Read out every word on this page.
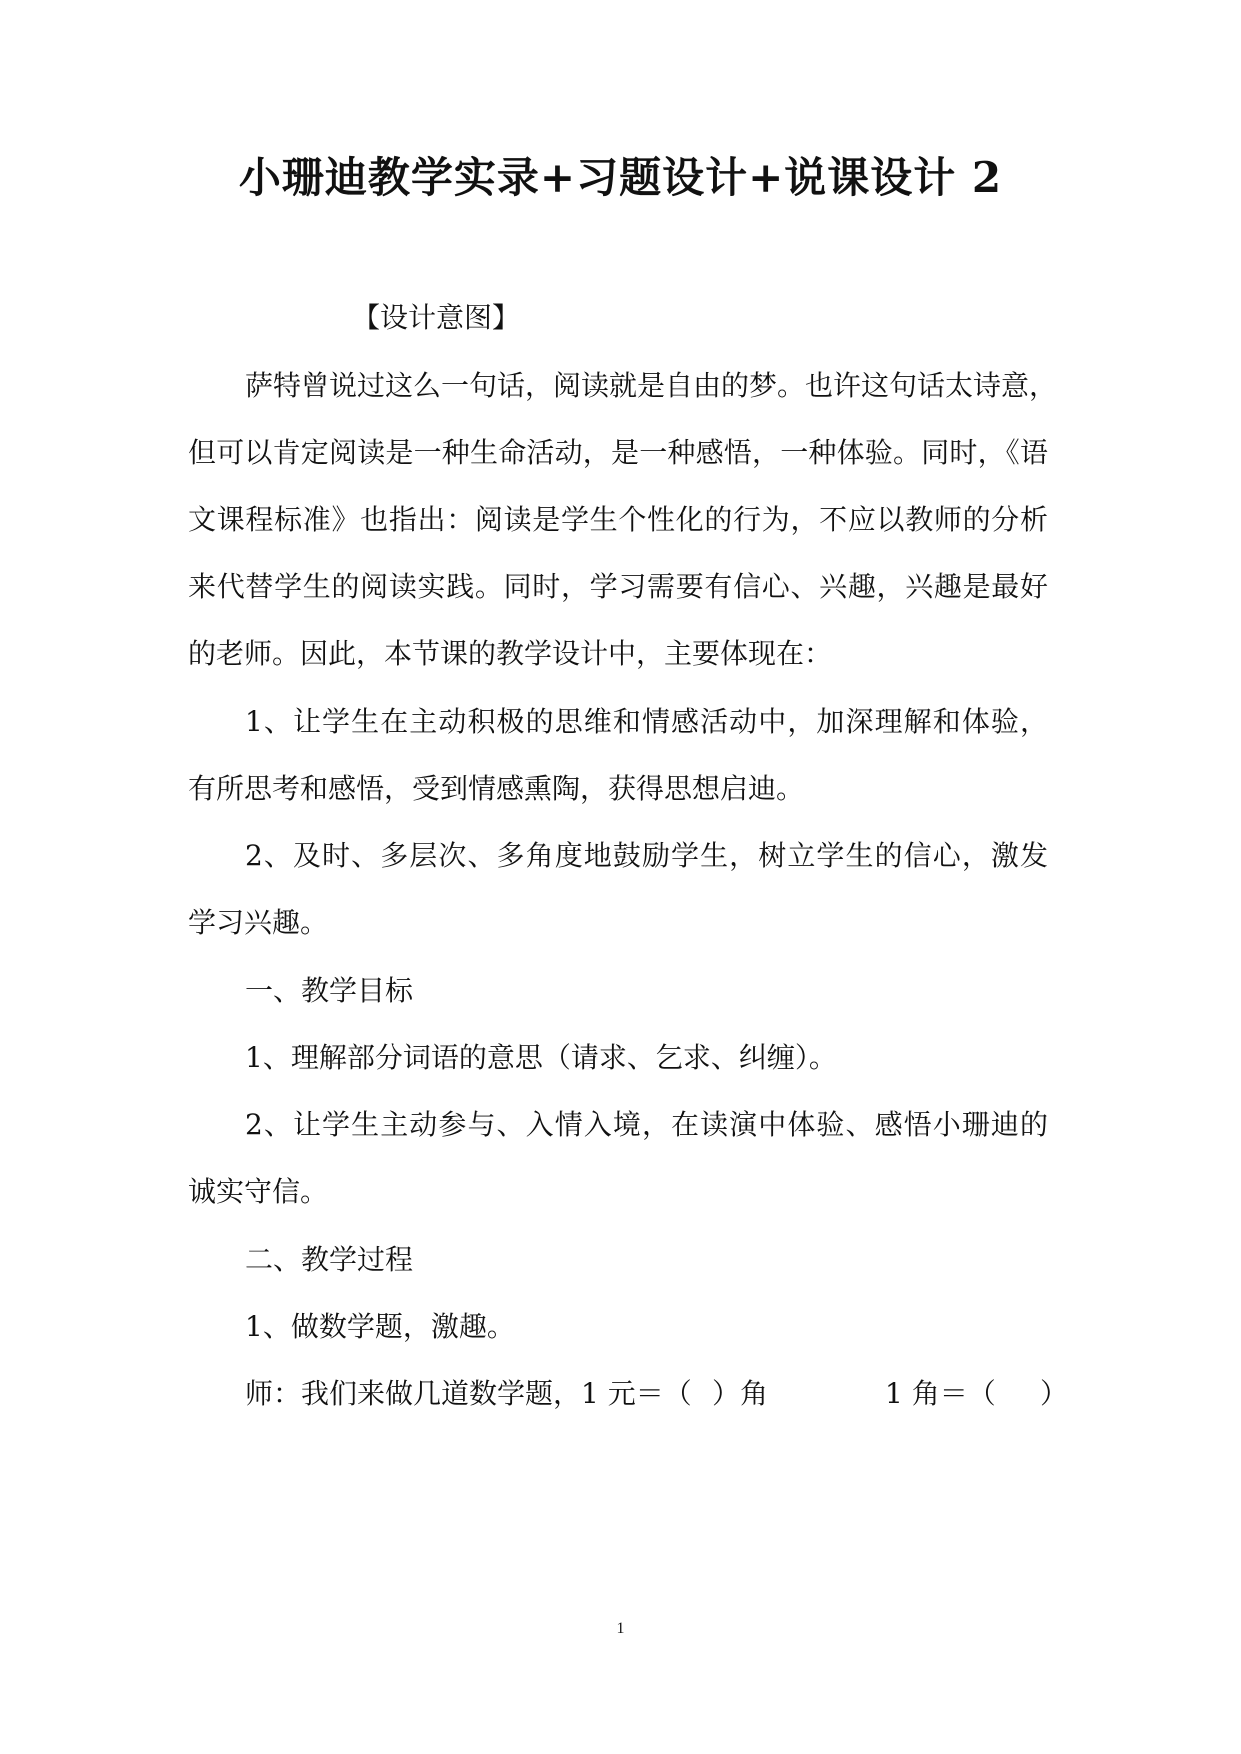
小珊迪教学实录+习题设计+说课设计 2
【设计意图】
萨特曾说过这么一句话，阅读就是自由的梦。也许这句话太诗意，
但可以肯定阅读是一种生命活动，是一种感悟，一种体验。同时，《语
文课程标准》也指出：阅读是学生个性化的行为，不应以教师的分析
来代替学生的阅读实践。同时，学习需要有信心、兴趣，兴趣是最好
的老师。因此，本节课的教学设计中，主要体现在：
1、让学生在主动积极的思维和情感活动中，加深理解和体验，
有所思考和感悟，受到情感熏陶，获得思想启迪。
2、及时、多层次、多角度地鼓励学生，树立学生的信心，激发
学习兴趣。
一、教学目标
1、理解部分词语的意思（请求、乞求、纠缠）。
2、让学生主动参与、入情入境，在读演中体验、感悟小珊迪的
诚实守信。
二、教学过程
1、做数学题，激趣。
师：我们来做几道数学题，1 元＝（ ）角	1 角＝（ ）
1
